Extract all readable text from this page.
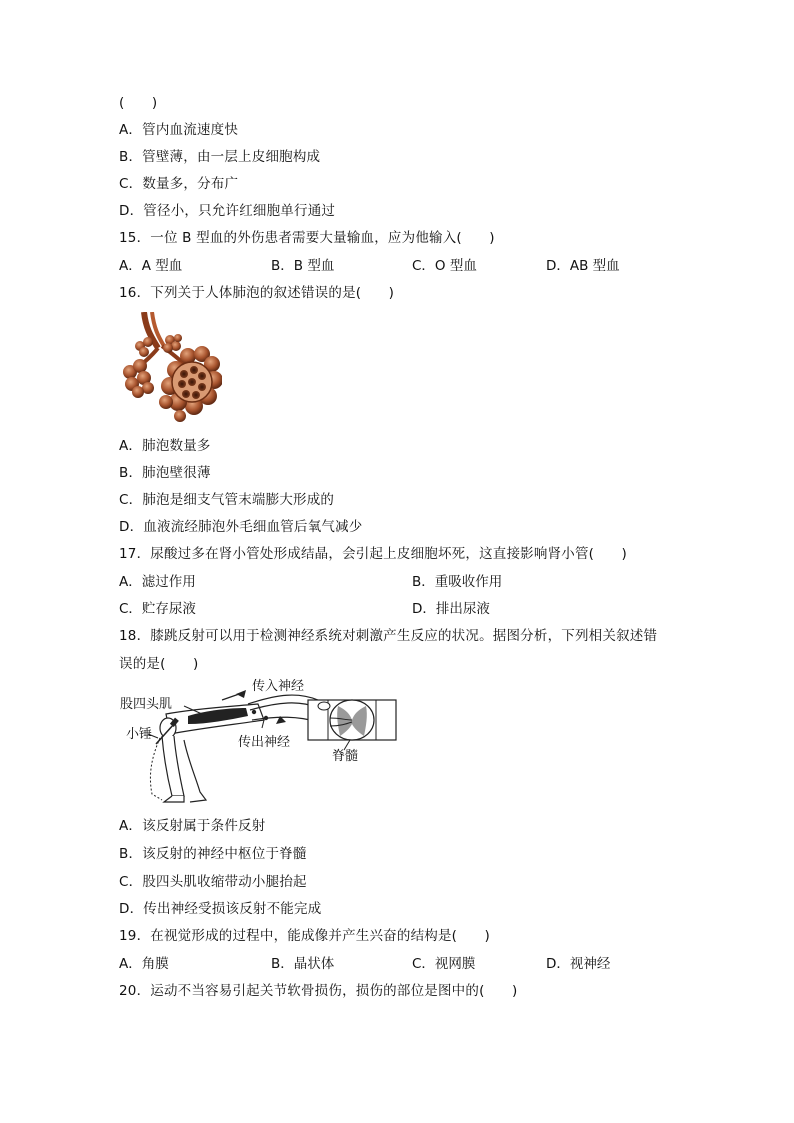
(　　)
A．管内血流速度快
B．管壁薄，由一层上皮细胞构成
C．数量多，分布广
D．管径小，只允许红细胞单行通过
15．一位 B 型血的外伤患者需要大量输血，应为他输入(　　)
A．A 型血	B．B 型血	C．O 型血	D．AB 型血
16．下列关于人体肺泡的叙述错误的是(　　)
A．肺泡数量多
B．肺泡壁很薄
C．肺泡是细支气管末端膨大形成的
D．血液流经肺泡外毛细血管后氧气减少
17．尿酸过多在肾小管处形成结晶，会引起上皮细胞坏死，这直接影响肾小管(　　)
A．滤过作用	B．重吸收作用
C．贮存尿液	D．排出尿液
18．膝跳反射可以用于检测神经系统对刺激产生反应的状况。据图分析，下列相关叙述错
误的是(　　)
股四头肌
小锤
传入神经
传出神经
脊髓
A．该反射属于条件反射
B．该反射的神经中枢位于脊髓
C．股四头肌收缩带动小腿抬起
D．传出神经受损该反射不能完成
19．在视觉形成的过程中，能成像并产生兴奋的结构是(　　)
A．角膜	B．晶状体	C．视网膜	D．视神经
20．运动不当容易引起关节软骨损伤，损伤的部位是图中的(　　)
